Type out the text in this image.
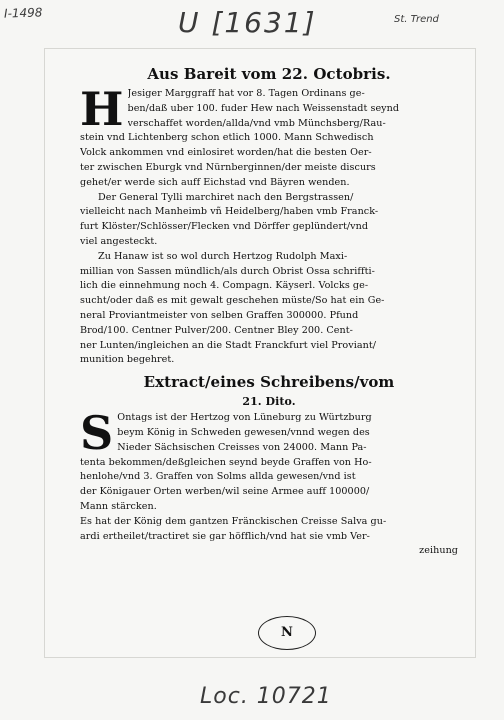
I-1498	U [1631]	St. Trend
Aus Bareit vom 22. Octobris.
H Jesiger Marggraff hat vor 8. Tagen Ordinans ge-
ben/daß uber 100. fuder Hew nach Weissenstadt seynd
verschaffet worden/allda/vnd vmb Münchsberg/Rau-
stein vnd Lichtenberg schon etlich 1000. Mann Schwedisch
Volck ankommen vnd einlosiret worden/hat die besten Oer-
ter zwischen Eburgk vnd Nürnberginnen/der meiste discurs
gehet/er werde sich auff Eichstad vnd Bäyren wenden.
Der General Tylli marchiret nach den Bergstrassen/
vielleicht nach Manheimb vñ Heidelberg/haben vmb Franck-
furt Klöster/Schlösser/Flecken vnd Dörffer geplündert/vnd
viel angesteckt.
Zu Hanaw ist so wol durch Hertzog Rudolph Maxi-
millian von Sassen mündlich/als durch Obrist Ossa schriffti-
lich die einnehmung noch 4. Compagn. Käyserl. Volcks ge-
sucht/oder daß es mit gewalt geschehen müste/So hat ein Ge-
neral Proviantmeister von selben Graffen 300000. Pfund
Brod/100. Centner Pulver/200. Centner Bley 200. Cent-
ner Lunten/ingleichen an die Stadt Franckfurt viel Proviant/
munition begehret.
Extract/eines Schreibens/vom
21. Dito.
S Ontags ist der Hertzog von Lüneburg zu Würtzburg
beym König in Schweden gewesen/vnnd wegen des
Nieder Sächsischen Creisses von 24000. Mann Pa-
tenta bekommen/deßgleichen seynd beyde Graffen von Ho-
henlohe/vnd 3. Graffen von Solms allda gewesen/vnd ist
der Königauer Orten werben/wil seine Armee auff 100000/
Mann stärcken.
Es hat der König dem gantzen Fränckischen Creisse Salva gu-
ardi ertheilet/tractiret sie gar höfflich/vnd hat sie vmb Ver-
zeihung
N
Loc. 10721
